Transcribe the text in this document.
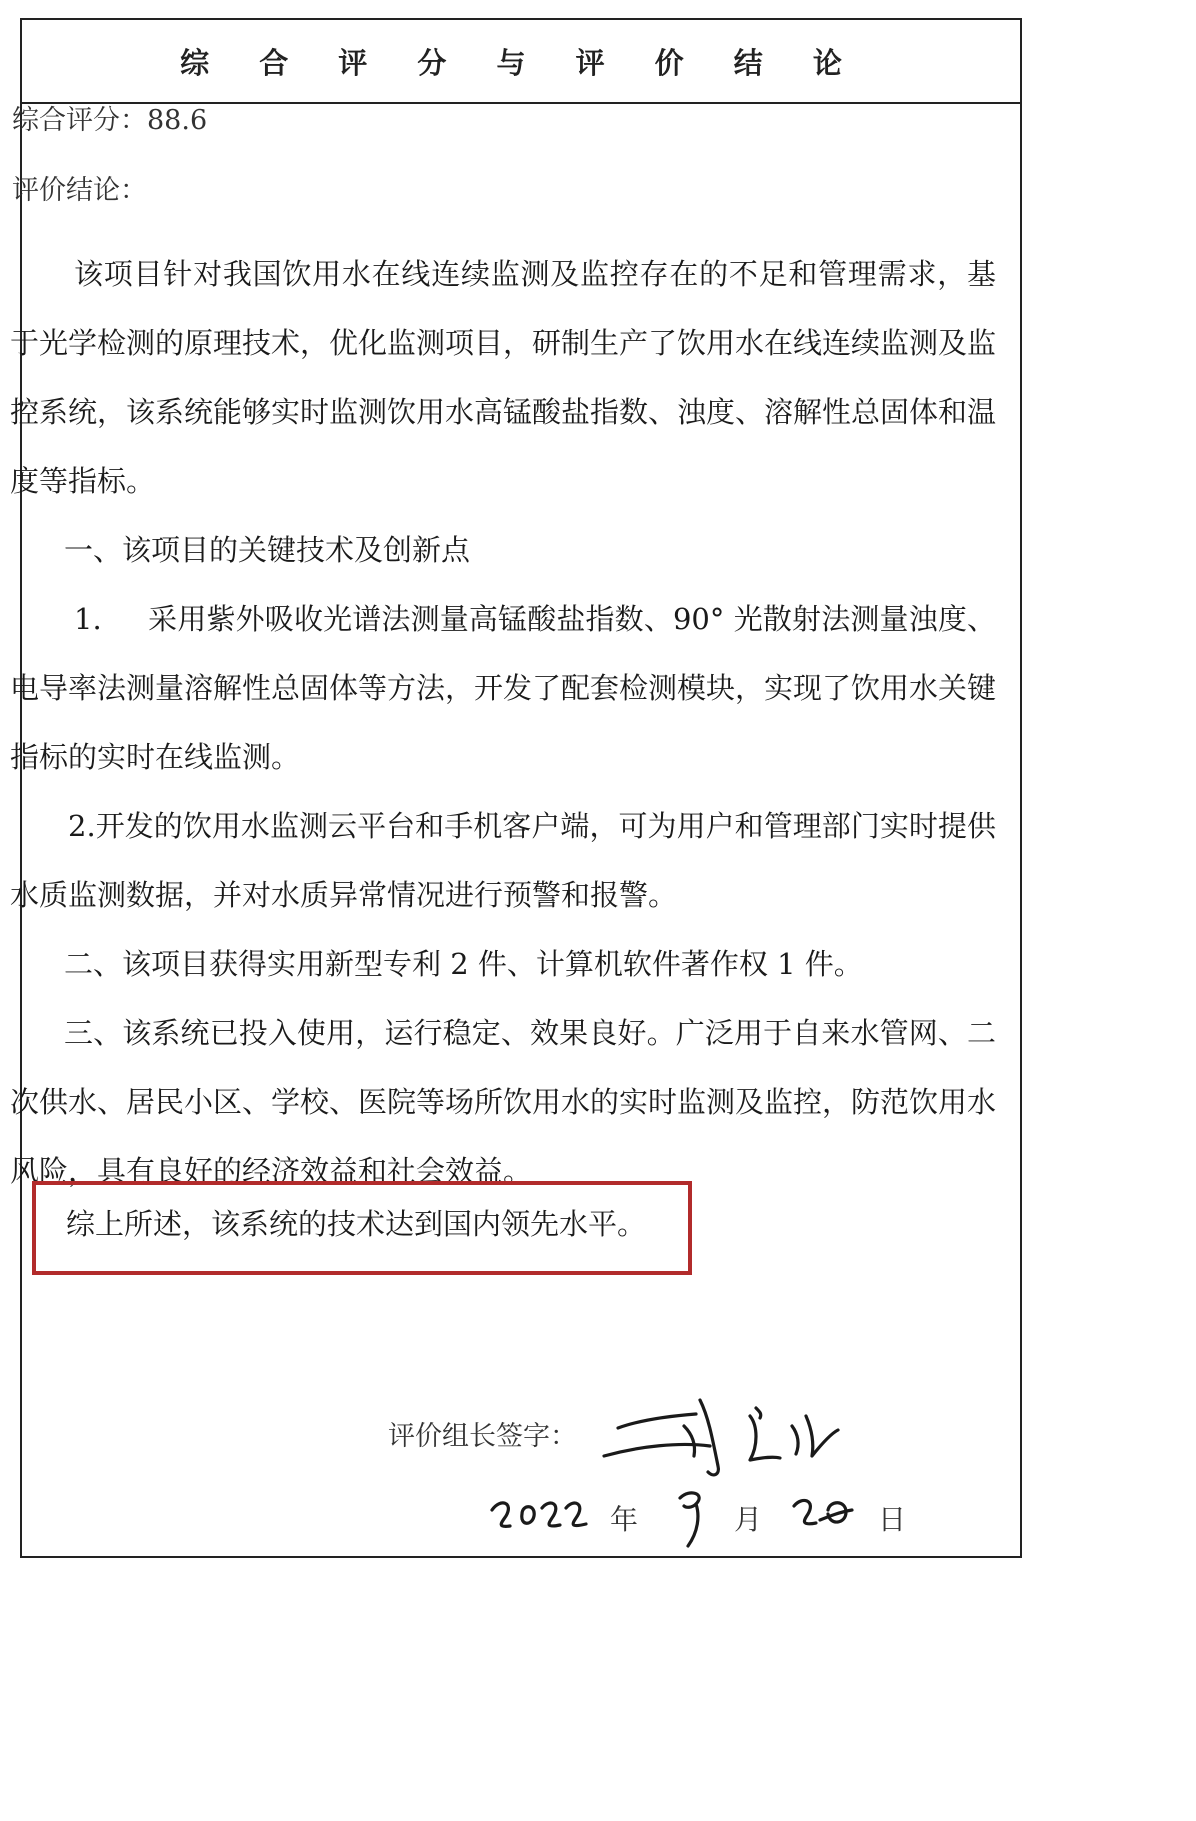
综 合 评 分 与 评 价 结 论
综合评分：88.6
评价结论：

该项目针对我国饮用水在线连续监测及监控存在的不足和管理需求，基于光学检测的原理技术，优化监测项目，研制生产了饮用水在线连续监测及监控系统，该系统能够实时监测饮用水高锰酸盐指数、浊度、溶解性总固体和温度等指标。

一、该项目的关键技术及创新点

1. 采用紫外吸收光谱法测量高锰酸盐指数、90° 光散射法测量浊度、电导率法测量溶解性总固体等方法，开发了配套检测模块，实现了饮用水关键指标的实时在线监测。

2.开发的饮用水监测云平台和手机客户端，可为用户和管理部门实时提供水质监测数据，并对水质异常情况进行预警和报警。

二、该项目获得实用新型专利 2 件、计算机软件著作权 1 件。

三、该系统已投入使用，运行稳定、效果良好。广泛用于自来水管网、二次供水、居民小区、学校、医院等场所饮用水的实时监测及监控，防范饮用水风险，具有良好的经济效益和社会效益。

综上所述，该系统的技术达到国内领先水平。
评价组长签字：
年	月	日
